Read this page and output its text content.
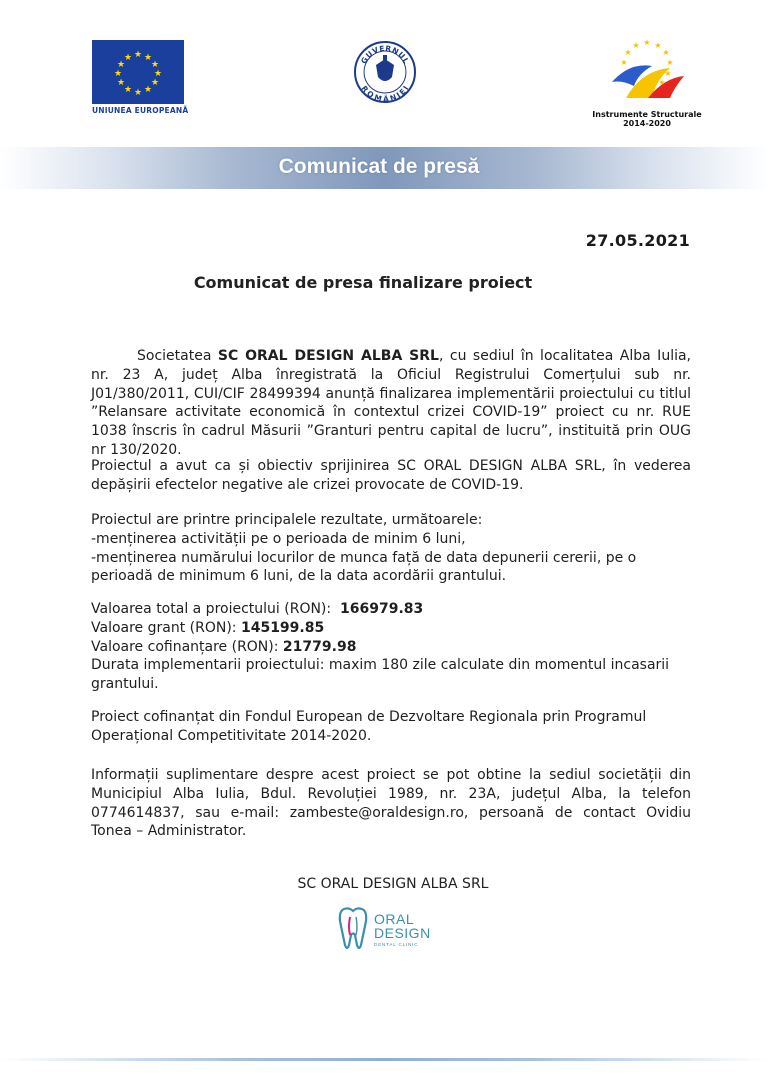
★ ★
★
★
★
★
★
★
★
★
★
★
UNIUNEA EUROPEANĂ
GUVERNUL
ROMÂNIEI
★ ★
★
★
★
★
★
★
★
Instrumente Structurale
2014-2020
Comunicat de presă
27.05.2021
Comunicat de presa finalizare proiect
Societatea SC ORAL DESIGN ALBA SRL, cu sediul în localitatea Alba Iulia, nr. 23 A, județ Alba înregistrată la Oficiul Registrului Comerțului sub nr. J01/380/2011, CUI/CIF 28499394 anunță finalizarea implementării proiectului cu titlul ”Relansare activitate economică în contextul crizei COVID-19” proiect cu nr. RUE 1038 înscris în cadrul Măsurii ”Granturi pentru capital de lucru”, instituită prin OUG nr 130/2020.
Proiectul a avut ca și obiectiv sprijinirea SC ORAL DESIGN ALBA SRL, în vederea depășirii efectelor negative ale crizei provocate de COVID-19.
Proiectul are printre principalele rezultate, următoarele:
-menținerea activității pe o perioada de minim 6 luni,
-menținerea numărului locurilor de munca față de data depunerii cererii, pe o perioadă de minimum 6 luni, de la data acordării grantului.
Valoarea total a proiectului (RON):  166979.83
Valoare grant (RON): 145199.85
Valoare cofinanțare (RON): 21779.98
Durata implementarii proiectului: maxim 180 zile calculate din momentul incasarii grantului.
Proiect cofinanțat din Fondul European de Dezvoltare Regionala prin Programul Operațional Competitivitate 2014-2020.
Informații suplimentare despre acest proiect se pot obtine la sediul societății din Municipiul Alba Iulia, Bdul. Revoluției 1989, nr. 23A, județul Alba, la telefon 0774614837, sau e-mail: zambeste@oraldesign.ro, persoană de contact Ovidiu Tonea – Administrator.
SC ORAL DESIGN ALBA SRL
ORAL
DESIGN
DENTAL CLINIC
